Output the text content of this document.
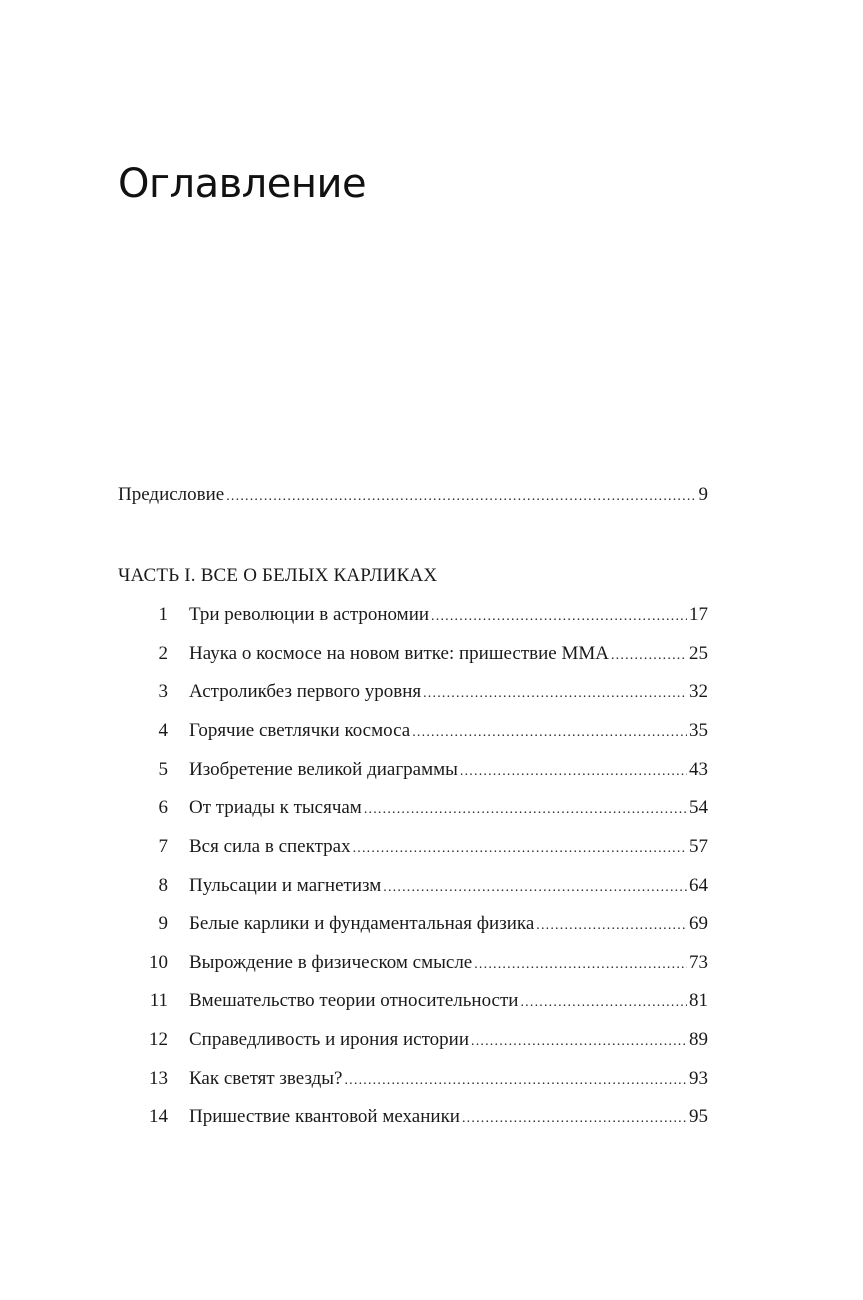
Оглавление
Предисловие .....	9
ЧАСТЬ I. ВСЕ О БЕЛЫХ КАРЛИКАХ
1 Три революции в астрономии .....	17
2 Наука о космосе на новом витке: пришествие ММА .....	25
3 Астроликбез первого уровня .....	32
4 Горячие светлячки космоса .....	35
5 Изобретение великой диаграммы .....	43
6 От триады к тысячам .....	54
7 Вся сила в спектрах .....	57
8 Пульсации и магнетизм .....	64
9 Белые карлики и фундаментальная физика .....	69
10 Вырождение в физическом смысле .....	73
11 Вмешательство теории относительности .....	81
12 Справедливость и ирония истории .....	89
13 Как светят звезды? .....	93
14 Пришествие квантовой механики .....	95
